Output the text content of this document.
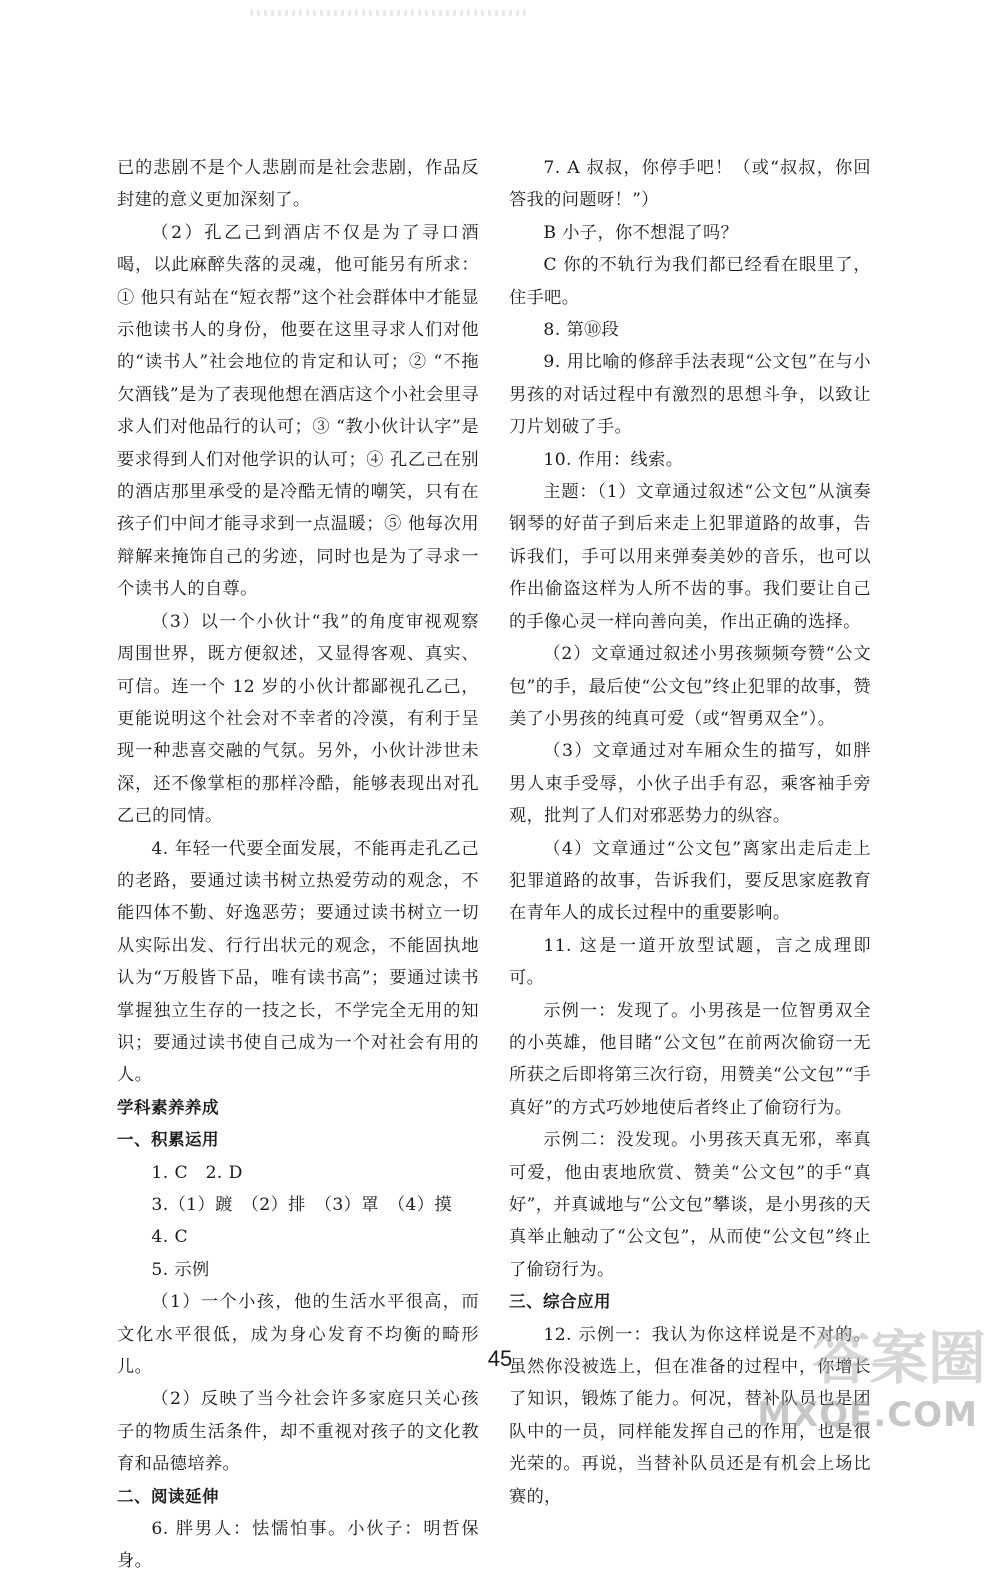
已的悲剧不是个人悲剧而是社会悲剧，作品反封建的意义更加深刻了。

（2）孔乙己到酒店不仅是为了寻口酒喝，以此麻醉失落的灵魂，他可能另有所求：① 他只有站在“短衣帮”这个社会群体中才能显示他读书人的身份，他要在这里寻求人们对他的“读书人”社会地位的肯定和认可；② “不拖欠酒钱”是为了表现他想在酒店这个小社会里寻求人们对他品行的认可；③ “教小伙计认字”是要求得到人们对他学识的认可；④ 孔乙己在别的酒店那里承受的是冷酷无情的嘲笑，只有在孩子们中间才能寻求到一点温暖；⑤ 他每次用辩解来掩饰自己的劣迹，同时也是为了寻求一个读书人的自尊。

（3）以一个小伙计“我”的角度审视观察周围世界，既方便叙述，又显得客观、真实、可信。连一个 12 岁的小伙计都鄙视孔乙己，更能说明这个社会对不幸者的冷漠，有利于呈现一种悲喜交融的气氛。另外，小伙计涉世未深，还不像掌柜的那样冷酷，能够表现出对孔乙己的同情。

4. 年轻一代要全面发展，不能再走孔乙己的老路，要通过读书树立热爱劳动的观念，不能四体不勤、好逸恶劳；要通过读书树立一切从实际出发、行行出状元的观念，不能固执地认为“万般皆下品，唯有读书高”；要通过读书掌握独立生存的一技之长，不学完全无用的知识；要通过读书使自己成为一个对社会有用的人。

学科素养养成

一、积累运用

1. C　2. D

3.（1）踱　（2）排　（3）罩　（4）摸

4. C

5. 示例

（1）一个小孩，他的生活水平很高，而文化水平很低，成为身心发育不均衡的畸形儿。

（2）反映了当今社会许多家庭只关心孩子的物质生活条件，却不重视对孩子的文化教育和品德培养。

二、阅读延伸

6. 胖男人：怯懦怕事。小伙子：明哲保身。

7. A 叔叔，你停手吧！（或“叔叔，你回答我的问题呀！”）

B 小子，你不想混了吗？

C 你的不轨行为我们都已经看在眼里了，住手吧。

8. 第⑩段

9. 用比喻的修辞手法表现“公文包”在与小男孩的对话过程中有激烈的思想斗争，以致让刀片划破了手。

10. 作用：线索。

主题：（1）文章通过叙述“公文包”从演奏钢琴的好苗子到后来走上犯罪道路的故事，告诉我们，手可以用来弹奏美妙的音乐，也可以作出偷盗这样为人所不齿的事。我们要让自己的手像心灵一样向善向美，作出正确的选择。

（2）文章通过叙述小男孩频频夸赞“公文包”的手，最后使“公文包”终止犯罪的故事，赞美了小男孩的纯真可爱（或“智勇双全”）。

（3）文章通过对车厢众生的描写，如胖男人束手受辱，小伙子出手有忍，乘客袖手旁观，批判了人们对邪恶势力的纵容。

（4）文章通过“公文包”离家出走后走上犯罪道路的故事，告诉我们，要反思家庭教育在青年人的成长过程中的重要影响。

11. 这是一道开放型试题，言之成理即可。

示例一：发现了。小男孩是一位智勇双全的小英雄，他目睹“公文包”在前两次偷窃一无所获之后即将第三次行窃，用赞美“公文包”“手真好”的方式巧妙地使后者终止了偷窃行为。

示例二：没发现。小男孩天真无邪，率真可爱，他由衷地欣赏、赞美“公文包”的手“真好”，并真诚地与“公文包”攀谈，是小男孩的天真举止触动了“公文包”，从而使“公文包”终止了偷窃行为。

三、综合应用

12. 示例一：我认为你这样说是不对的。虽然你没被选上，但在准备的过程中，你增长了知识，锻炼了能力。何况，替补队员也是团队中的一员，同样能发挥自己的作用，也是很光荣的。再说，当替补队员还是有机会上场比赛的，

45	答案圈
MXQE.COM
